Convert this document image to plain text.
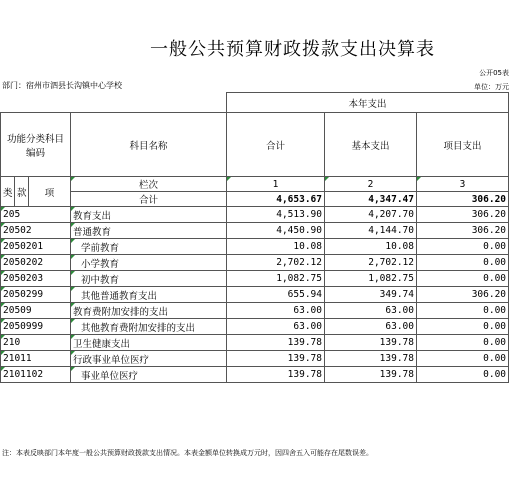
一般公共预算财政拨款支出决算表
公开05表
部门：宿州市泗县长沟镇中心学校	单位：万元
				本年支出		
功能分类科目编码			科目名称	合计	基本支出	项目支出
类	款	项	栏次	1	2	3
			合计	4,653.67	4,347.47	306.20
205			教育支出	4,513.90	4,207.70	306.20
20502			普通教育	4,450.90	4,144.70	306.20
2050201			学前教育	10.08	10.08	0.00
2050202			小学教育	2,702.12	2,702.12	0.00
2050203			初中教育	1,082.75	1,082.75	0.00
2050299			其他普通教育支出	655.94	349.74	306.20
20509			教育费附加安排的支出	63.00	63.00	0.00
2050999			其他教育费附加安排的支出	63.00	63.00	0.00
210			卫生健康支出	139.78	139.78	0.00
21011			行政事业单位医疗	139.78	139.78	0.00
2101102			事业单位医疗	139.78	139.78	0.00
注：本表反映部门本年度一般公共预算财政拨款支出情况。本表金额单位转换成万元时，因四舍五入可能存在尾数误差。
